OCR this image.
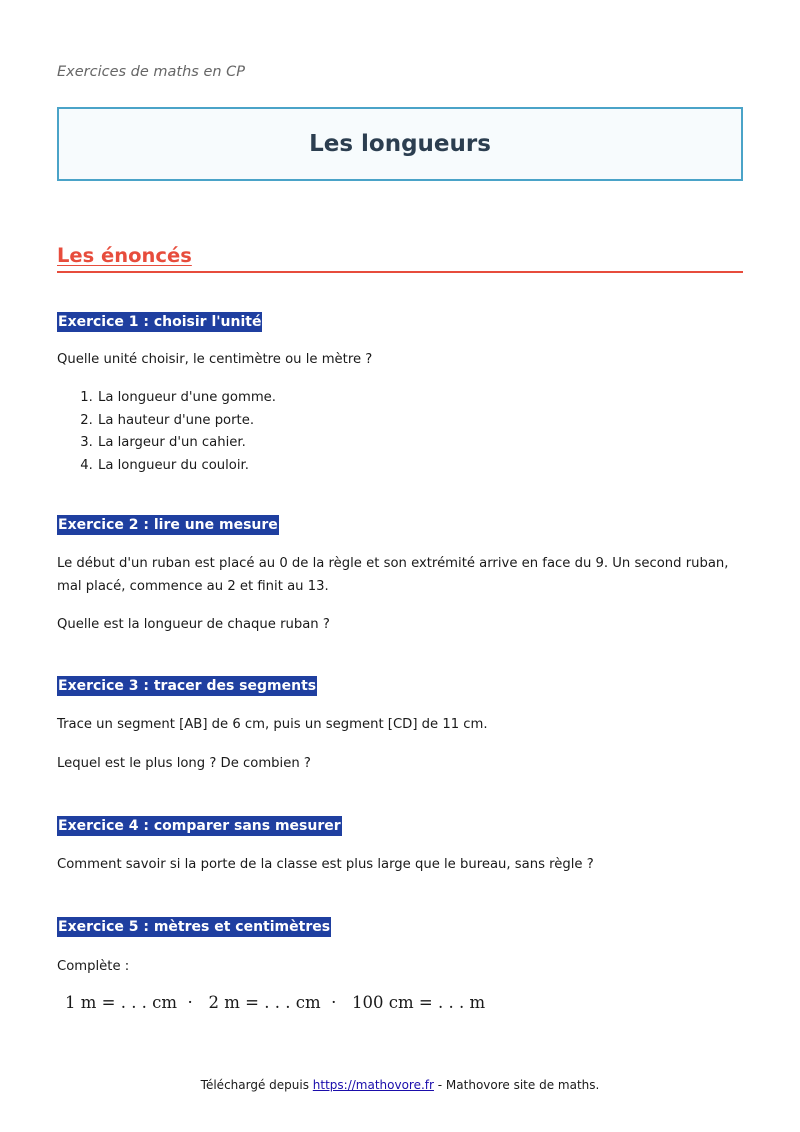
Exercices de maths en CP

Les longueurs
Les énoncés

Exercice 1 : choisir l'unité

Quelle unité choisir, le centimètre ou le mètre ?

1. La longueur d'une gomme.
2. La hauteur d'une porte.
3. La largeur d'un cahier.
4. La longueur du couloir.

Exercice 2 : lire une mesure

Le début d'un ruban est placé au 0 de la règle et son extrémité arrive en face du 9. Un second ruban, mal placé, commence au 2 et finit au 13.

Quelle est la longueur de chaque ruban ?

Exercice 3 : tracer des segments

Trace un segment [AB] de 6 cm, puis un segment [CD] de 11 cm.

Lequel est le plus long ? De combien ?

Exercice 4 : comparer sans mesurer

Comment savoir si la porte de la classe est plus large que le bureau, sans règle ?

Exercice 5 : mètres et centimètres

Complète :

1 m = . . . cm  ·   2 m = . . . cm  ·   100 cm = . . . m

Téléchargé depuis https://mathovore.fr - Mathovore site de maths.
